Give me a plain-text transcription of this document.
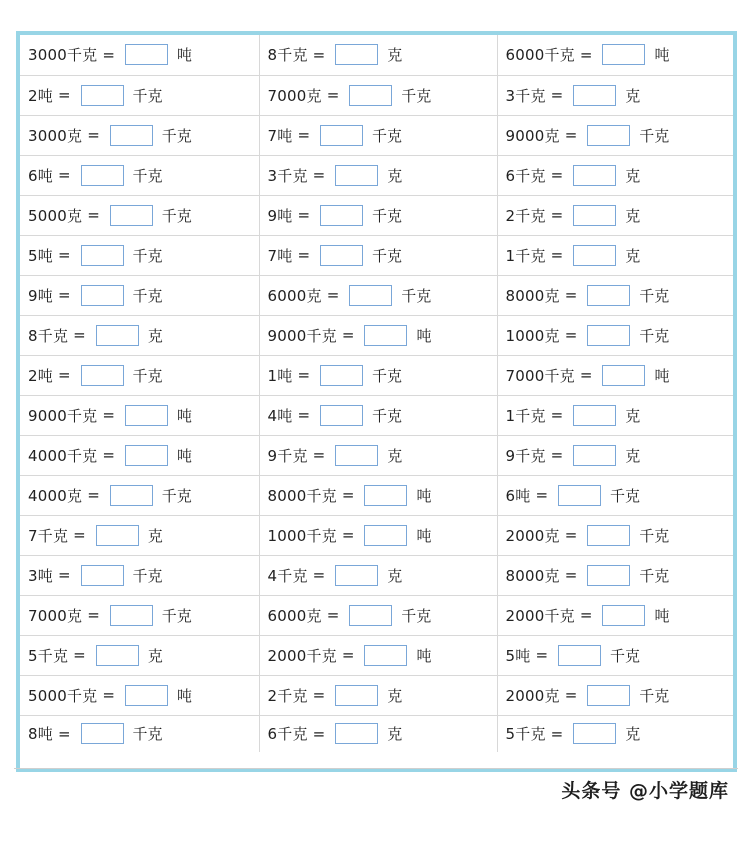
3000千克 = 吨	8千克 = 克	6000千克 = 吨

2吨 = 千克	7000克 = 千克	3千克 = 克

3000克 = 千克	7吨 = 千克	9000克 = 千克

6吨 = 千克	3千克 = 克	6千克 = 克

5000克 = 千克	9吨 = 千克	2千克 = 克

5吨 = 千克	7吨 = 千克	1千克 = 克

9吨 = 千克	6000克 = 千克	8000克 = 千克

8千克 = 克	9000千克 = 吨	1000克 = 千克

2吨 = 千克	1吨 = 千克	7000千克 = 吨

9000千克 = 吨	4吨 = 千克	1千克 = 克

4000千克 = 吨	9千克 = 克	9千克 = 克

4000克 = 千克	8000千克 = 吨	6吨 = 千克

7千克 = 克	1000千克 = 吨	2000克 = 千克

3吨 = 千克	4千克 = 克	8000克 = 千克

7000克 = 千克	6000克 = 千克	2000千克 = 吨

5千克 = 克	2000千克 = 吨	5吨 = 千克

5000千克 = 吨	2千克 = 克	2000克 = 千克

8吨 = 千克	6千克 = 克	5千克 = 克
头条号 @小学题库
